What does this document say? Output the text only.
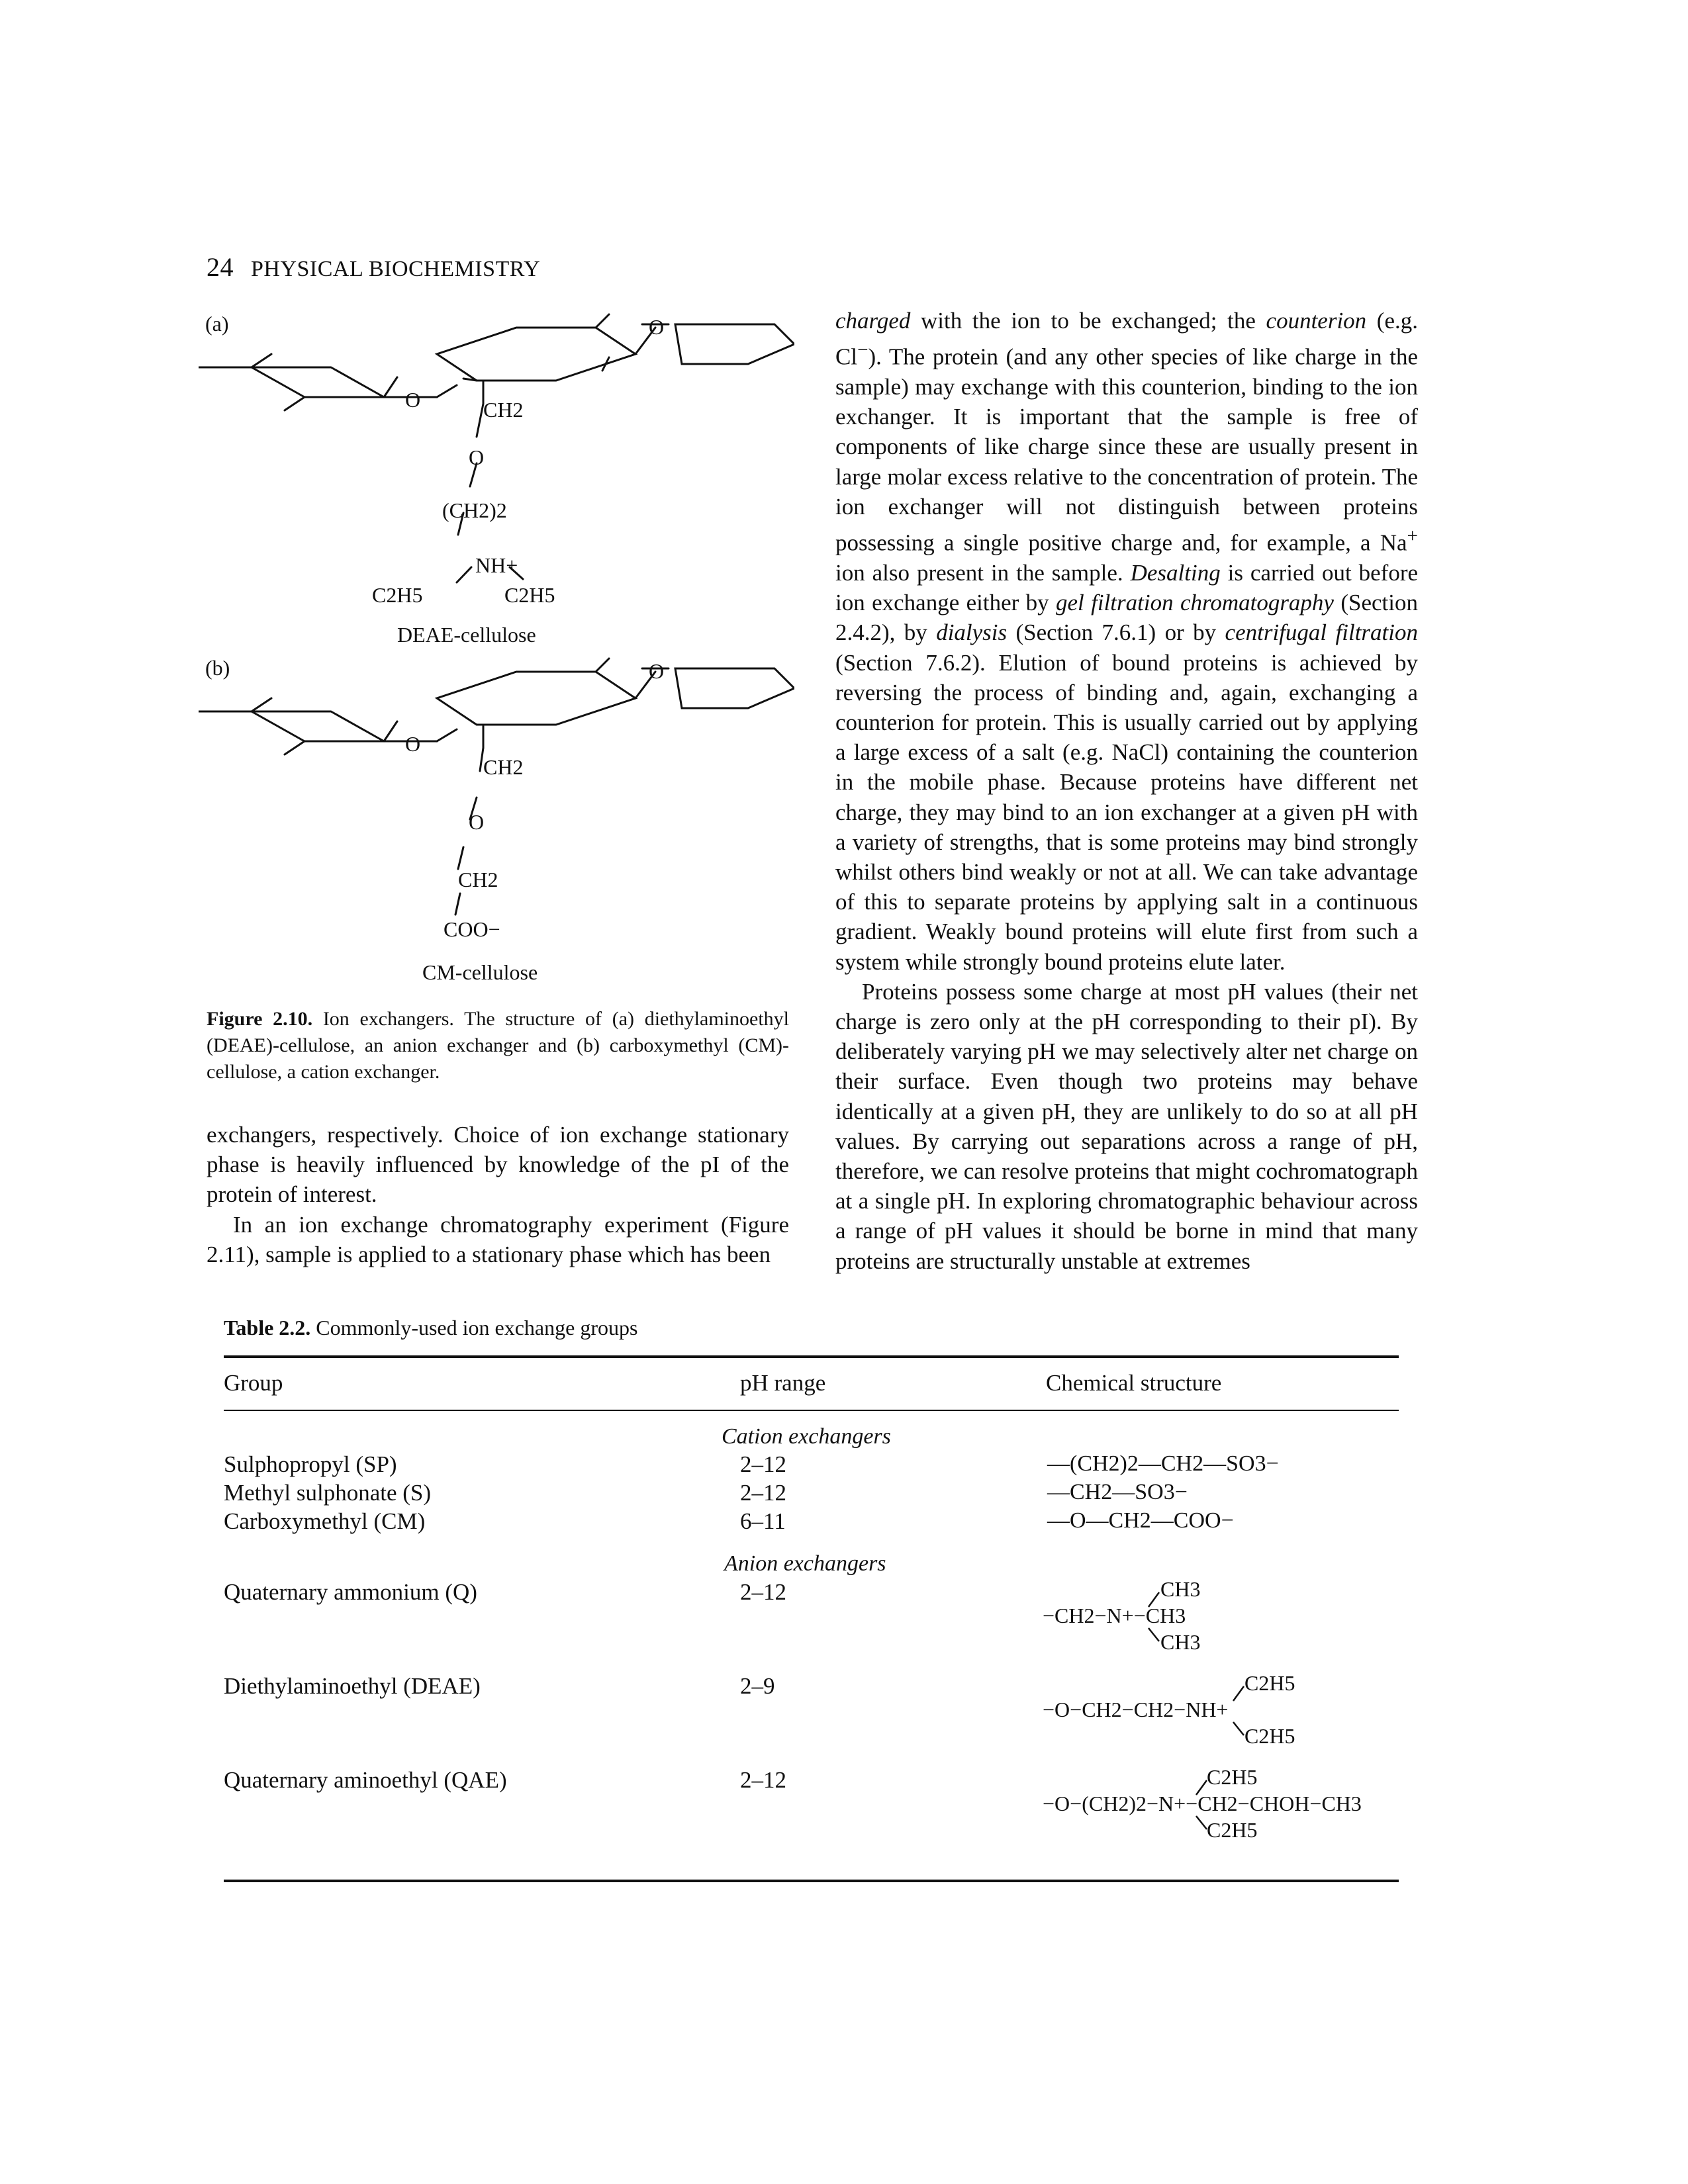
24 PHYSICAL BIOCHEMISTRY
(a)
O
O
CH2
O
(CH2)2
NH+
C2H5	C2H5
DEAE-cellulose
(b)
O
O
CH2
O
CH2
COO−
CM-cellulose
Figure 2.10. Ion exchangers. The structure of (a) diethylaminoethyl (DEAE)-cellulose, an anion exchanger and (b) carboxymethyl (CM)-cellulose, a cation exchanger.

exchangers, respectively. Choice of ion exchange stationary phase is heavily influenced by knowledge of the pI of the protein of interest.

In an ion exchange chromatography experiment (Figure 2.11), sample is applied to a stationary phase which has been

charged with the ion to be exchanged; the counterion (e.g. Cl−). The protein (and any other species of like charge in the sample) may exchange with this counterion, binding to the ion exchanger. It is important that the sample is free of components of like charge since these are usually present in large molar excess relative to the concentration of protein. The ion exchanger will not distinguish between proteins possessing a single positive charge and, for example, a Na+ ion also present in the sample. Desalting is carried out before ion exchange either by gel filtration chromatography (Section 2.4.2), by dialysis (Section 7.6.1) or by centrifugal filtration (Section 7.6.2). Elution of bound proteins is achieved by reversing the process of binding and, again, exchanging a counterion for protein. This is usually carried out by applying a large excess of a salt (e.g. NaCl) containing the counterion in the mobile phase. Because proteins have different net charge, they may bind to an ion exchanger at a given pH with a variety of strengths, that is some proteins may bind strongly whilst others bind weakly or not at all. We can take advantage of this to separate proteins by applying salt in a continuous gradient. Weakly bound proteins will elute first from such a system while strongly bound proteins elute later.

Proteins possess some charge at most pH values (their net charge is zero only at the pH corresponding to their pI). By deliberately varying pH we may selectively alter net charge on their surface. Even though two proteins may behave identically at a given pH, they are unlikely to do so at all pH values. By carrying out separations across a range of pH, therefore, we can resolve proteins that might cochromatograph at a single pH. In exploring chromatographic behaviour across a range of pH values it should be borne in mind that many proteins are structurally unstable at extremes

Table 2.2. Commonly-used ion exchange groups
Group	pH range	Chemical structure
Cation exchangers
Sulphopropyl (SP)	2–12	—(CH2)2—CH2—SO3−
Methyl sulphonate (S)	2–12	—CH2—SO3−
Carboxymethyl (CM)	6–11	—O—CH2—COO−
Anion exchangers
Quaternary ammonium (Q)	2–12	CH3
−CH2−N+−CH3
CH3
Diethylaminoethyl (DEAE)	2–9	C2H5
−O−CH2−CH2−NH+
C2H5
Quaternary aminoethyl (QAE)	2–12	C2H5
−O−(CH2)2−N+−CH2−CHOH−CH3
C2H5
